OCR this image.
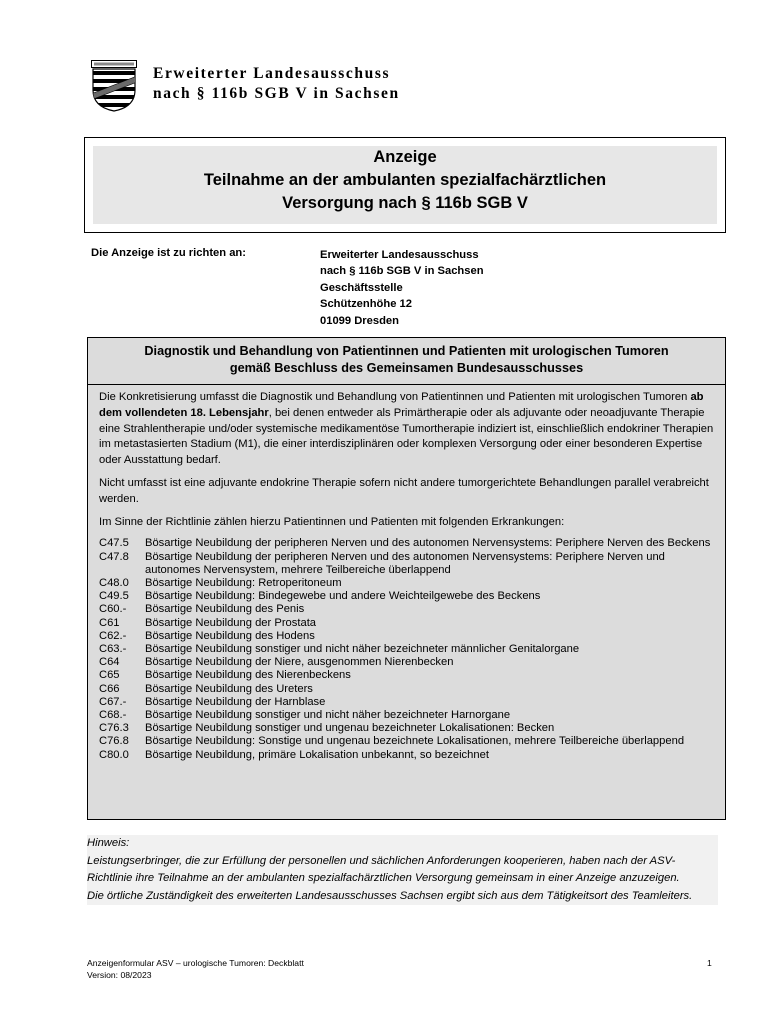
Erweiterter Landesausschuss
nach § 116b SGB V in Sachsen
Anzeige
Teilnahme an der ambulanten spezialfachärztlichen
Versorgung nach § 116b SGB V
Die Anzeige ist zu richten an:	Erweiterter Landesausschuss
nach § 116b SGB V in Sachsen
Geschäftsstelle
Schützenhöhe 12
01099 Dresden
Diagnostik und Behandlung von Patientinnen und Patienten mit urologischen Tumoren
gemäß Beschluss des Gemeinsamen Bundesausschusses

Die Konkretisierung umfasst die Diagnostik und Behandlung von Patientinnen und Patienten mit urologischen Tumoren ab dem vollendeten 18. Lebensjahr, bei denen entweder als Primärtherapie oder als adjuvante oder neoadjuvante Therapie eine Strahlentherapie und/oder systemische medikamentöse Tumortherapie indiziert ist, einschließlich endokriner Therapien im metastasierten Stadium (M1), die einer interdisziplinären oder komplexen Versorgung oder einer besonderen Expertise oder Ausstattung bedarf.

Nicht umfasst ist eine adjuvante endokrine Therapie sofern nicht andere tumorgerichtete Behandlungen parallel verabreicht werden.

Im Sinne der Richtlinie zählen hierzu Patientinnen und Patienten mit folgenden Erkrankungen:

C47.5	Bösartige Neubildung der peripheren Nerven und des autonomen Nervensystems: Periphere Nerven des Beckens
C47.8	Bösartige Neubildung der peripheren Nerven und des autonomen Nervensystems: Periphere Nerven und autonomes Nervensystem, mehrere Teilbereiche überlappend
C48.0	Bösartige Neubildung: Retroperitoneum
C49.5	Bösartige Neubildung: Bindegewebe und andere Weichteilgewebe des Beckens
C60.-	Bösartige Neubildung des Penis
C61	Bösartige Neubildung der Prostata
C62.-	Bösartige Neubildung des Hodens
C63.-	Bösartige Neubildung sonstiger und nicht näher bezeichneter männlicher Genitalorgane
C64	Bösartige Neubildung der Niere, ausgenommen Nierenbecken
C65	Bösartige Neubildung des Nierenbeckens
C66	Bösartige Neubildung des Ureters
C67.-	Bösartige Neubildung der Harnblase
C68.-	Bösartige Neubildung sonstiger und nicht näher bezeichneter Harnorgane
C76.3	Bösartige Neubildung sonstiger und ungenau bezeichneter Lokalisationen: Becken
C76.8	Bösartige Neubildung: Sonstige und ungenau bezeichnete Lokalisationen, mehrere Teilbereiche überlappend
C80.0	Bösartige Neubildung, primäre Lokalisation unbekannt, so bezeichnet
Hinweis:
Leistungserbringer, die zur Erfüllung der personellen und sächlichen Anforderungen kooperieren, haben nach der ASV-Richtlinie ihre Teilnahme an der ambulanten spezialfachärztlichen Versorgung gemeinsam in einer Anzeige anzuzeigen.
Die örtliche Zuständigkeit des erweiterten Landesausschusses Sachsen ergibt sich aus dem Tätigkeitsort des Teamleiters.
Anzeigenformular ASV – urologische Tumoren: Deckblatt
Version: 08/2023
1
